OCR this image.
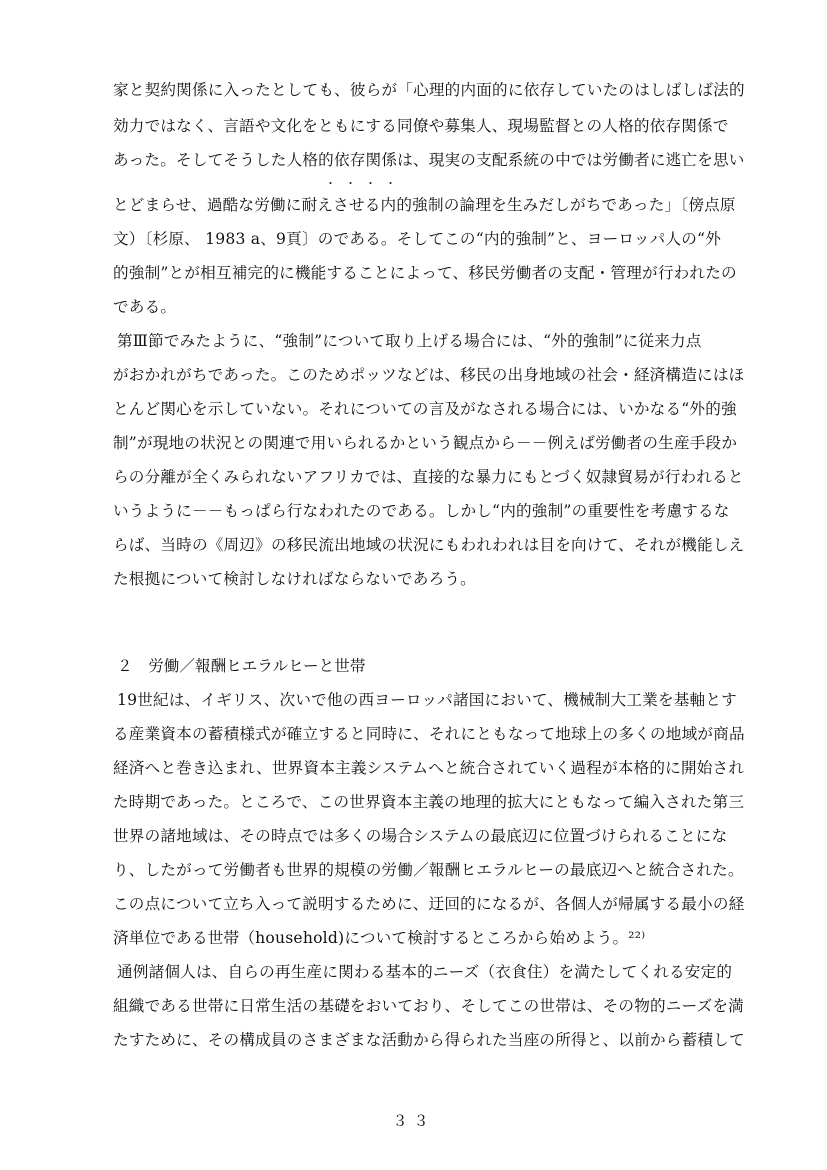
家と契約関係に入ったとしても、彼らが「心理的内面的に依存していたのはしばしば法的
効力ではなく、言語や文化をともにする同僚や募集人、現場監督との人格的依存関係で
あった。そしてそうした人格的依存関係は、現実の支配系統の中では労働者に逃亡を思い
・・・・
とどまらせ、過酷な労働に耐えさせる内的強制の論理を生みだしがちであった」〔傍点原
文）〔杉原、 1983 a、9頁〕のである。そしてこの“内的強制”と、ヨーロッパ人の“外
的強制”とが相互補完的に機能することによって、移民労働者の支配・管理が行われたの
である。
第Ⅲ節でみたように、“強制”について取り上げる場合には、“外的強制”に従来力点
がおかれがちであった。このためポッツなどは、移民の出身地域の社会・経済構造にはほ
とんど関心を示していない。それについての言及がなされる場合には、いかなる“外的強
制”が現地の状況との関連で用いられるかという観点から－－例えば労働者の生産手段か
らの分離が全くみられないアフリカでは、直接的な暴力にもとづく奴隷貿易が行われると
いうように－－もっぱら行なわれたのである。しかし“内的強制”の重要性を考慮するな
らば、当時の《周辺》の移民流出地域の状況にもわれわれは目を向けて、それが機能しえ
た根拠について検討しなければならないであろう。
２　労働／報酬ヒエラルヒーと世帯
19世紀は、イギリス、次いで他の西ヨーロッパ諸国において、機械制大工業を基軸とす
る産業資本の蓄積様式が確立すると同時に、それにともなって地球上の多くの地域が商品
経済へと巻き込まれ、世界資本主義システムへと統合されていく過程が本格的に開始され
た時期であった。ところで、この世界資本主義の地理的拡大にともなって編入された第三
世界の諸地域は、その時点では多くの場合システムの最底辺に位置づけられることにな
り、したがって労働者も世界的規模の労働／報酬ヒエラルヒーの最底辺へと統合された。
この点について立ち入って説明するために、迂回的になるが、各個人が帰属する最小の経
済単位である世帯（household)について検討するところから始めよう。²²⁾
通例諸個人は、自らの再生産に関わる基本的ニーズ（衣食住）を満たしてくれる安定的
組織である世帯に日常生活の基礎をおいており、そしてこの世帯は、その物的ニーズを満
たすために、その構成員のさまざまな活動から得られた当座の所得と、以前から蓄積して
３３
